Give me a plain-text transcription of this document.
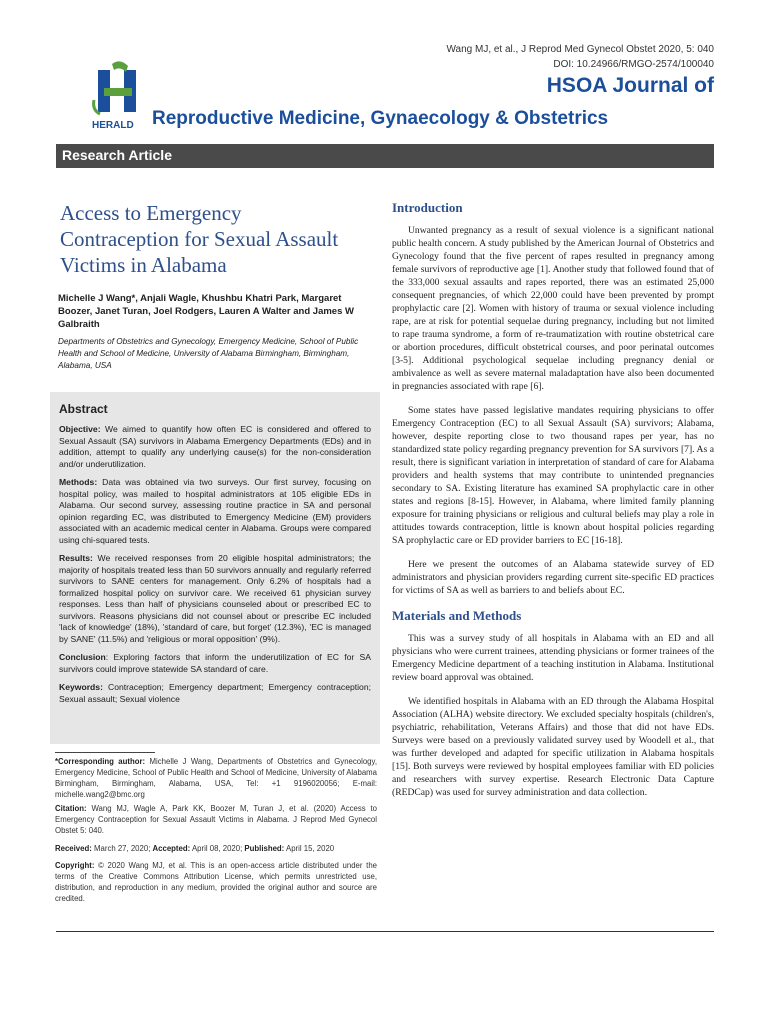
Wang MJ, et al., J Reprod Med Gynecol Obstet 2020, 5: 040
DOI: 10.24966/RMGO-2574/100040
HERALD
HSOA Journal of
Reproductive Medicine, Gynaecology & Obstetrics
Research Article
Access to Emergency Contraception for Sexual Assault Victims in Alabama
Michelle J Wang*, Anjali Wagle, Khushbu Khatri Park, Margaret Boozer, Janet Turan, Joel Rodgers, Lauren A Walter and James W Galbraith
Departments of Obstetrics and Gynecology, Emergency Medicine, School of Public Health and School of Medicine, University of Alabama Birmingham, Birmingham, Alabama, USA
Abstract

Objective: We aimed to quantify how often EC is considered and offered to Sexual Assault (SA) survivors in Alabama Emergency Departments (EDs) and in addition, attempt to qualify any underlying cause(s) for the non-consideration and/or underutilization.

Methods: Data was obtained via two surveys. Our first survey, focusing on hospital policy, was mailed to hospital administrators at 105 eligible EDs in Alabama. Our second survey, assessing routine practice in SA and personal opinion regarding EC, was distributed to Emergency Medicine (EM) providers associated with an academic medical center in Alabama. Groups were compared using chi-squared tests.

Results: We received responses from 20 eligible hospital administrators; the majority of hospitals treated less than 50 survivors annually and regularly referred survivors to SANE centers for management. Only 6.2% of hospitals had a formalized hospital policy on survivor care. We received 61 physician survey responses. Less than half of physicians counseled about or prescribed EC to survivors. Reasons physicians did not counsel about or prescribe EC included 'lack of knowledge' (18%), 'standard of care, but forget' (12.3%), 'EC is managed by SANE' (11.5%) and 'religious or moral opposition' (9%).

Conclusion: Exploring factors that inform the underutilization of EC for SA survivors could improve statewide SA standard of care.

Keywords: Contraception; Emergency department; Emergency contraception; Sexual assault; Sexual violence

*Corresponding author: Michelle J Wang, Departments of Obstetrics and Gynecology, Emergency Medicine, School of Public Health and School of Medicine, University of Alabama Birmingham, Birmingham, Alabama, USA, Tel: +1 9196020056; E-mail: michelle.wang2@bmc.org

Citation: Wang MJ, Wagle A, Park KK, Boozer M, Turan J, et al. (2020) Access to Emergency Contraception for Sexual Assault Victims in Alabama. J Reprod Med Gynecol Obstet 5: 040.

Received: March 27, 2020; Accepted: April 08, 2020; Published: April 15, 2020

Copyright: © 2020 Wang MJ, et al. This is an open-access article distributed under the terms of the Creative Commons Attribution License, which permits unrestricted use, distribution, and reproduction in any medium, provided the original author and source are credited.

Introduction

Unwanted pregnancy as a result of sexual violence is a significant national public health concern. A study published by the American Journal of Obstetrics and Gynecology found that the five percent of rapes resulted in pregnancy among female survivors of reproductive age [1]. Another study that followed found that of the 333,000 sexual assaults and rapes reported, there was an estimated 25,000 consequent pregnancies, of which 22,000 could have been prevented by prompt prophylactic care [2]. Women with history of trauma or sexual violence including rape, are at risk for potential sequelae during pregnancy, including but not limited to rape trauma syndrome, a form of re-traumatization with routine obstetrical care or abortion procedures, difficult obstetrical courses, and poor perinatal outcomes [3-5]. Additional psychological sequelae including pregnancy denial or ambivalence as well as severe maternal maladaptation have also been documented in pregnancies associated with rape [6].

Some states have passed legislative mandates requiring physicians to offer Emergency Contraception (EC) to all Sexual Assault (SA) survivors; Alabama, however, despite reporting close to two thousand rapes per year, has no standardized state policy regarding pregnancy prevention for SA survivors [7]. As a result, there is significant variation in interpretation of standard of care for Alabama providers and health systems that may contribute to unintended pregnancies secondary to SA. Existing literature has examined SA prophylactic care in other states and regions [8-15]. However, in Alabama, where limited family planning exposure for training physicians or religious and cultural beliefs may play a role in attitudes towards contraception, little is known about hospital policies regarding SA prophylactic care or ED provider barriers to EC [16-18].

Here we present the outcomes of an Alabama statewide survey of ED administrators and physician providers regarding current site-specific ED practices for victims of SA as well as barriers to and beliefs about EC.

Materials and Methods

This was a survey study of all hospitals in Alabama with an ED and all physicians who were current trainees, attending physicians or former trainees of the Emergency Medicine department of a teaching institution in Alabama. Institutional review board approval was obtained.

We identified hospitals in Alabama with an ED through the Alabama Hospital Association (ALHA) website directory. We excluded specialty hospitals (children's, psychiatric, rehabilitation, Veterans Affairs) and those that did not have EDs. Surveys were based on a previously validated survey used by Woodell et al., that was further developed and adapted for specific utilization in Alabama hospitals [15]. Both surveys were reviewed by hospital employees familiar with ED policies and researchers with survey expertise. Research Electronic Data Capture (REDCap) was used for survey administration and data collection.
